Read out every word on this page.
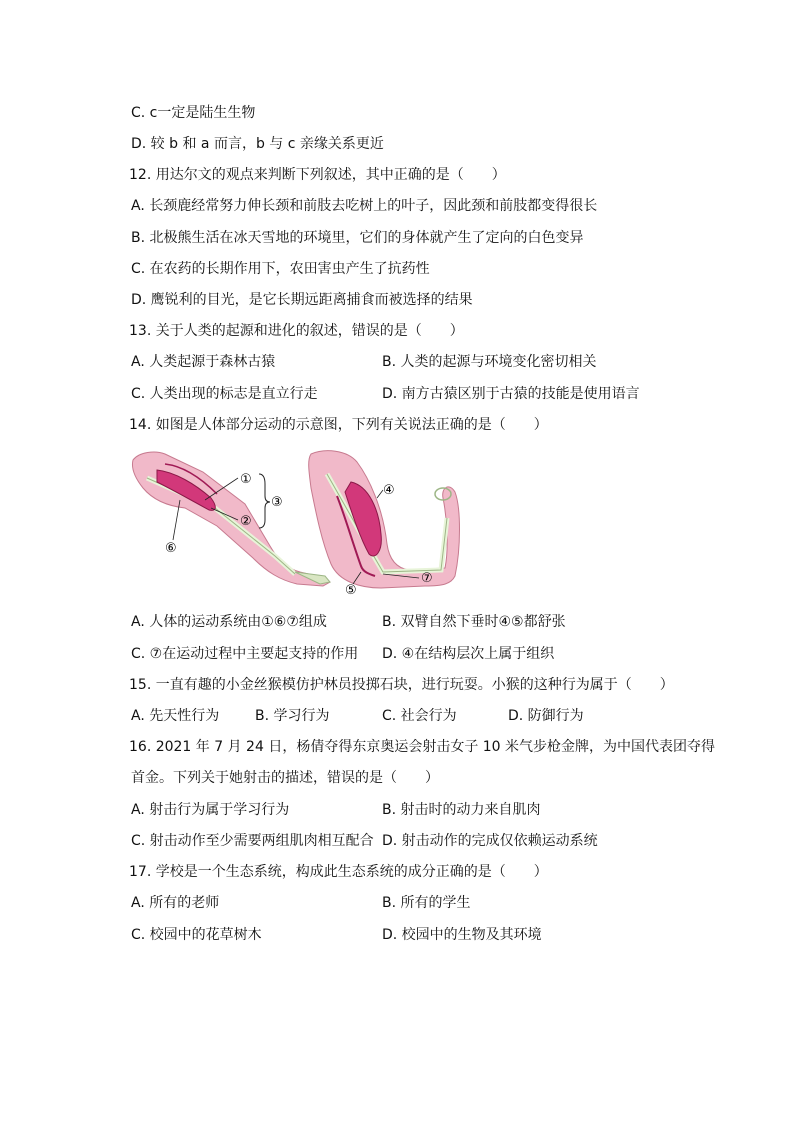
C. c一定是陆生生物
D. 较 b 和 a 而言，b 与 c 亲缘关系更近
12. 用达尔文的观点来判断下列叙述，其中正确的是（　　）
A. 长颈鹿经常努力伸长颈和前肢去吃树上的叶子，因此颈和前肢都变得很长
B. 北极熊生活在冰天雪地的环境里，它们的身体就产生了定向的白色变异
C. 在农药的长期作用下，农田害虫产生了抗药性
D. 鹰锐利的目光，是它长期远距离捕食而被选择的结果
13. 关于人类的起源和进化的叙述，错误的是（　　）
A. 人类起源于森林古猿	B. 人类的起源与环境变化密切相关
C. 人类出现的标志是直立行走	D. 南方古猿区别于古猿的技能是使用语言
14. 如图是人体部分运动的示意图，下列有关说法正确的是（　　）
①
②
③
⑥
④
⑤
⑦
A. 人体的运动系统由①⑥⑦组成	B. 双臂自然下垂时④⑤都舒张
C. ⑦在运动过程中主要起支持的作用 D. ④在结构层次上属于组织
15. 一直有趣的小金丝猴模仿护林员投掷石块，进行玩耍。小猴的这种行为属于（　　）
A. 先天性行为	B. 学习行为	C. 社会行为	D. 防御行为
16. 2021 年 7 月 24 日，杨倩夺得东京奥运会射击女子 10 米气步枪金牌，为中国代表团夺得
首金。下列关于她射击的描述，错误的是（　　）
A. 射击行为属于学习行为	B. 射击时的动力来自肌肉
C. 射击动作至少需要两组肌肉相互配合 D. 射击动作的完成仅依赖运动系统
17. 学校是一个生态系统，构成此生态系统的成分正确的是（　　）
A. 所有的老师	B. 所有的学生
C. 校园中的花草树木	D. 校园中的生物及其环境
